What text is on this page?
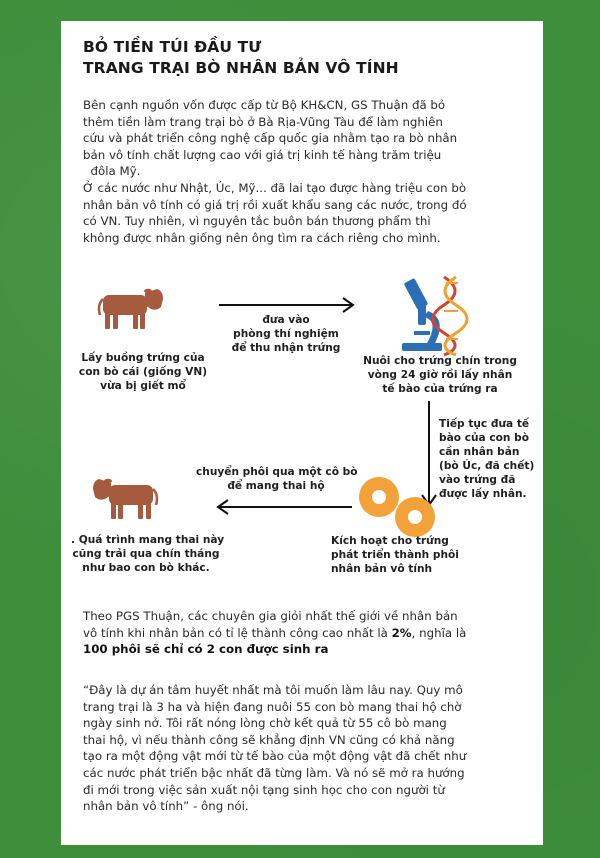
BỎ TIỀN TÚI ĐẦU TƯ
TRANG TRẠI BÒ NHÂN BẢN VÔ TÍNH
Bên cạnh nguồn vốn được cấp từ Bộ KH&CN, GS Thuận đã bỏ
thêm tiền làm trang trại bò ở Bà Rịa-Vũng Tàu để làm nghiên
cứu và phát triển công nghệ cấp quốc gia nhằm tạo ra bò nhân
bản vô tính chất lượng cao với giá trị kinh tế hàng trăm triệu
đôla Mỹ.
Ở các nước như Nhật, Úc, Mỹ... đã lai tạo được hàng triệu con bò
nhân bản vô tính có giá trị rồi xuất khẩu sang các nước, trong đó
có VN. Tuy nhiên, vì nguyên tắc buôn bán thương phẩm thì
không được nhân giống nên ông tìm ra cách riêng cho mình.
đưa vào
phòng thí nghiệm
để thu nhận trứng
Lấy buồng trứng của
con bò cái (giống VN)
vừa bị giết mổ
Nuôi cho trứng chín trong
vòng 24 giờ rồi lấy nhân
tế bào của trứng ra
Tiếp tục đưa tế
bào của con bò
cần nhân bản
(bò Úc, đã chết)
vào trứng đã
được lấy nhân.
chuyển phôi qua một cô bò
để mang thai hộ
. Quá trình mang thai này
cũng trải qua chín tháng
như bao con bò khác.
Kích hoạt cho trứng
phát triển thành phôi
nhân bản vô tính
Theo PGS Thuận, các chuyên gia giỏi nhất thế giới về nhân bản
vô tính khi nhân bản có tỉ lệ thành công cao nhất là 2%, nghĩa là
100 phôi sẽ chỉ có 2 con được sinh ra
“Đây là dự án tâm huyết nhất mà tôi muốn làm lâu nay. Quy mô
trang trại là 3 ha và hiện đang nuôi 55 con bò mang thai hộ chờ
ngày sinh nở. Tôi rất nóng lòng chờ kết quả từ 55 cô bò mang
thai hộ, vì nếu thành công sẽ khẳng định VN cũng có khả năng
tạo ra một động vật mới từ tế bào của một động vật đã chết như
các nước phát triển bậc nhất đã từng làm. Và nó sẽ mở ra hướng
đi mới trong việc sản xuất nội tạng sinh học cho con người từ
nhân bản vô tính” - ông nói.
